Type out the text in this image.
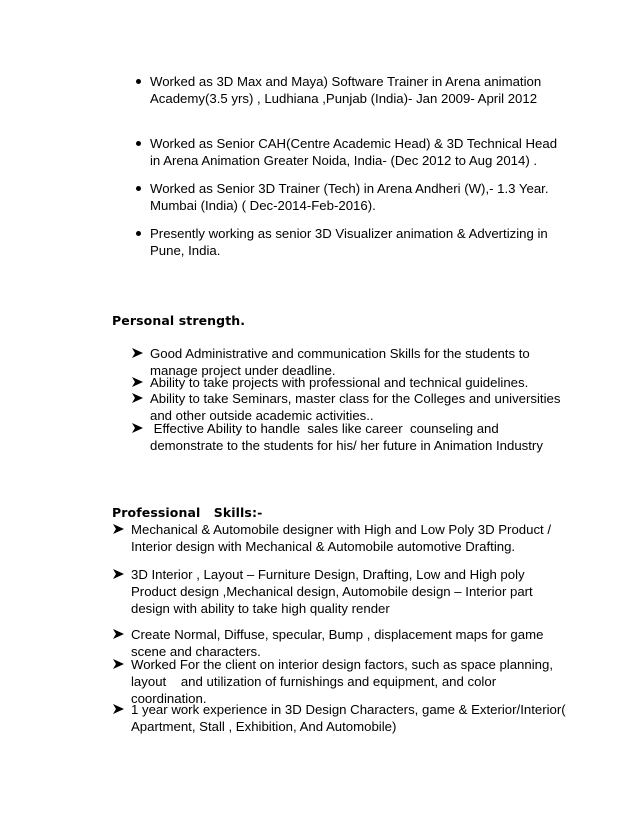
Worked as 3D Max and Maya) Software Trainer in Arena animation
Academy(3.5 yrs) , Ludhiana ,Punjab (India)- Jan 2009- April 2012
Worked as Senior CAH(Centre Academic Head) & 3D Technical Head
in Arena Animation Greater Noida, India- (Dec 2012 to Aug 2014) .
Worked as Senior 3D Trainer (Tech) in Arena Andheri (W),- 1.3 Year.
Mumbai (India) ( Dec-2014-Feb-2016).
Presently working as senior 3D Visualizer animation & Advertizing in
Pune, India.
Personal strength.
Good Administrative and communication Skills for the students to
manage project under deadline.
Ability to take projects with professional and technical guidelines.
Ability to take Seminars, master class for the Colleges and universities
and other outside academic activities..
Effective Ability to handle  sales like career  counseling and
demonstrate to the students for his/ her future in Animation Industry
Professional   Skills:-
Mechanical & Automobile designer with High and Low Poly 3D Product /
Interior design with Mechanical & Automobile automotive Drafting.
3D Interior , Layout – Furniture Design, Drafting, Low and High poly
Product design ,Mechanical design, Automobile design – Interior part
design with ability to take high quality render
Create Normal, Diffuse, specular, Bump , displacement maps for game
scene and characters.
Worked For the client on interior design factors, such as space planning,
layout    and utilization of furnishings and equipment, and color
coordination.
1 year work experience in 3D Design Characters, game & Exterior/Interior(
Apartment, Stall , Exhibition, And Automobile)
